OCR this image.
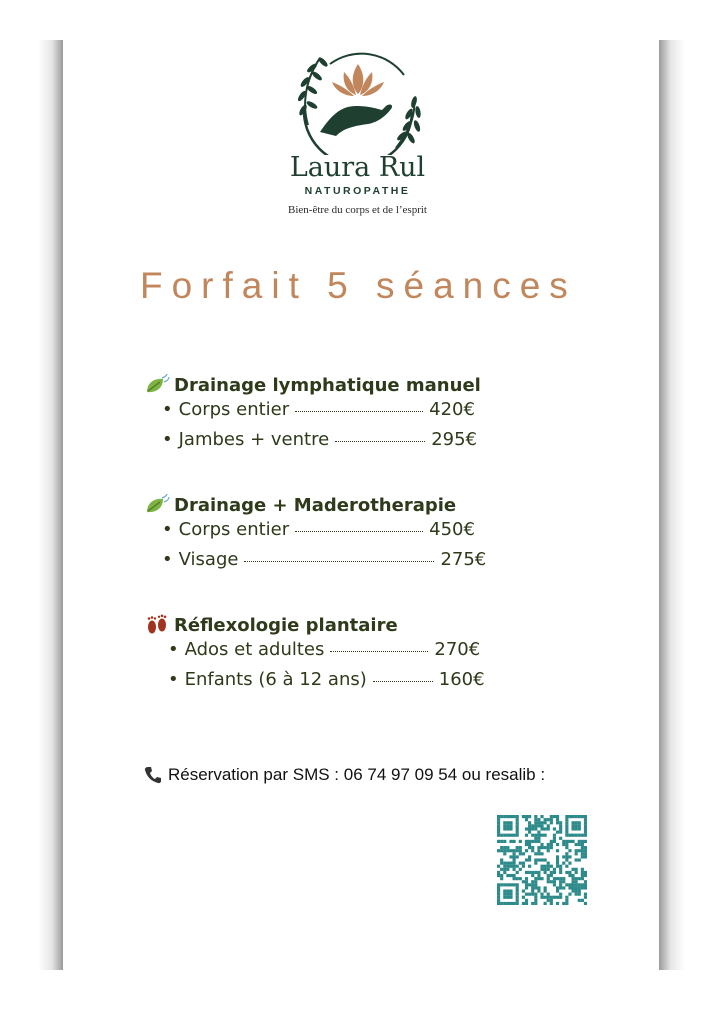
Laura Rul
NATUROPATHE
Bien-être du corps et de l’esprit
Forfait 5 séances
Drainage lymphatique manuel
• Corps entier	420€
• Jambes + ventre	295€
Drainage + Maderotherapie
• Corps entier	450€
• Visage	275€
Réflexologie plantaire
• Ados et adultes	270€
• Enfants (6 à 12 ans)	160€
Réservation par SMS : 06 74 97 09 54 ou resalib :
